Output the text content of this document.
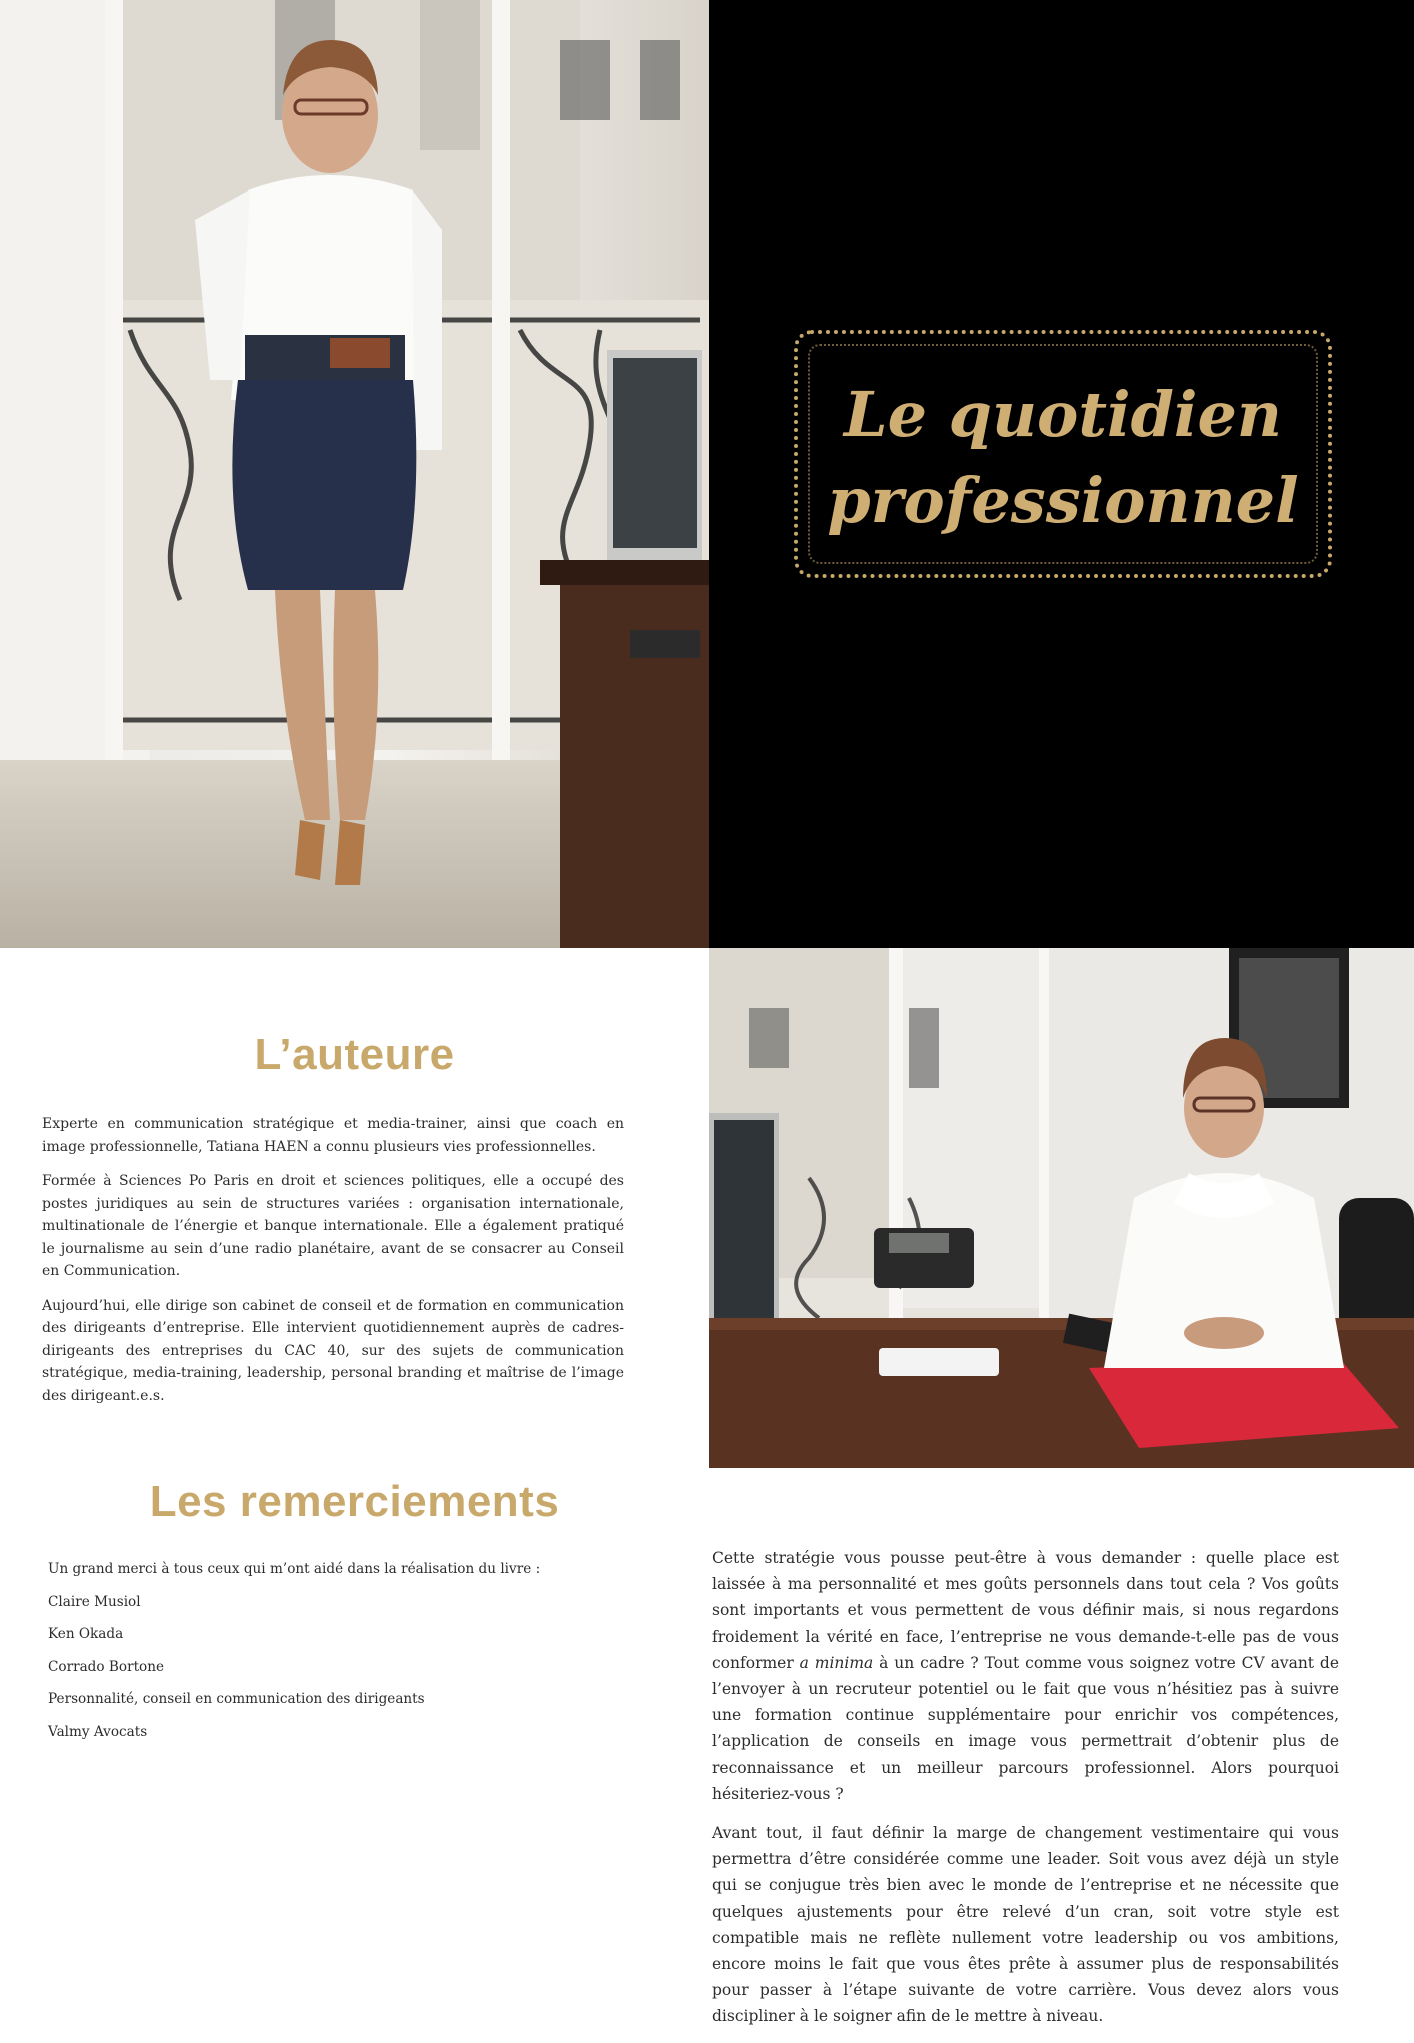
Le quotidien
professionnel
L’auteure

Experte en communication stratégique et media-trainer, ainsi que coach en image professionnelle, Tatiana HAEN a connu plusieurs vies professionnelles.

Formée à Sciences Po Paris en droit et sciences politiques, elle a occupé des postes juridiques au sein de structures variées : organisation internationale, multinationale de l’énergie et banque internationale. Elle a également pratiqué le journalisme au sein d’une radio planétaire, avant de se consacrer au Conseil en Communication.

Aujourd’hui, elle dirige son cabinet de conseil et de formation en communication des dirigeants d’entreprise. Elle intervient quotidiennement auprès de cadres-dirigeants des entreprises du CAC 40, sur des sujets de communication stratégique, media-training, leadership, personal branding et maîtrise de l’image des dirigeant.e.s.

Les remerciements
Un grand merci à tous ceux qui m’ont aidé dans la réalisation du livre :
Claire Musiol
Ken Okada
Corrado Bortone
Personnalité, conseil en communication des dirigeants
Valmy Avocats

Cette stratégie vous pousse peut-être à vous demander : quelle place est laissée à ma personnalité et mes goûts personnels dans tout cela ? Vos goûts sont importants et vous permettent de vous définir mais, si nous regardons froidement la vérité en face, l’entreprise ne vous demande-t-elle pas de vous conformer a minima à un cadre ? Tout comme vous soignez votre CV avant de l’envoyer à un recruteur potentiel ou le fait que vous n’hésitiez pas à suivre une formation continue supplémentaire pour enrichir vos compétences, l’application de conseils en image vous permettrait d’obtenir plus de reconnaissance et un meilleur parcours professionnel. Alors pourquoi hésiteriez-vous ?

Avant tout, il faut définir la marge de changement vestimentaire qui vous permettra d’être considérée comme une leader. Soit vous avez déjà un style qui se conjugue très bien avec le monde de l’entreprise et ne nécessite que quelques ajustements pour être relevé d’un cran, soit votre style est compatible mais ne reflète nullement votre leadership ou vos ambitions, encore moins le fait que vous êtes prête à assumer plus de responsabilités pour passer à l’étape suivante de votre carrière. Vous devez alors vous discipliner à le soigner afin de le mettre à niveau.
